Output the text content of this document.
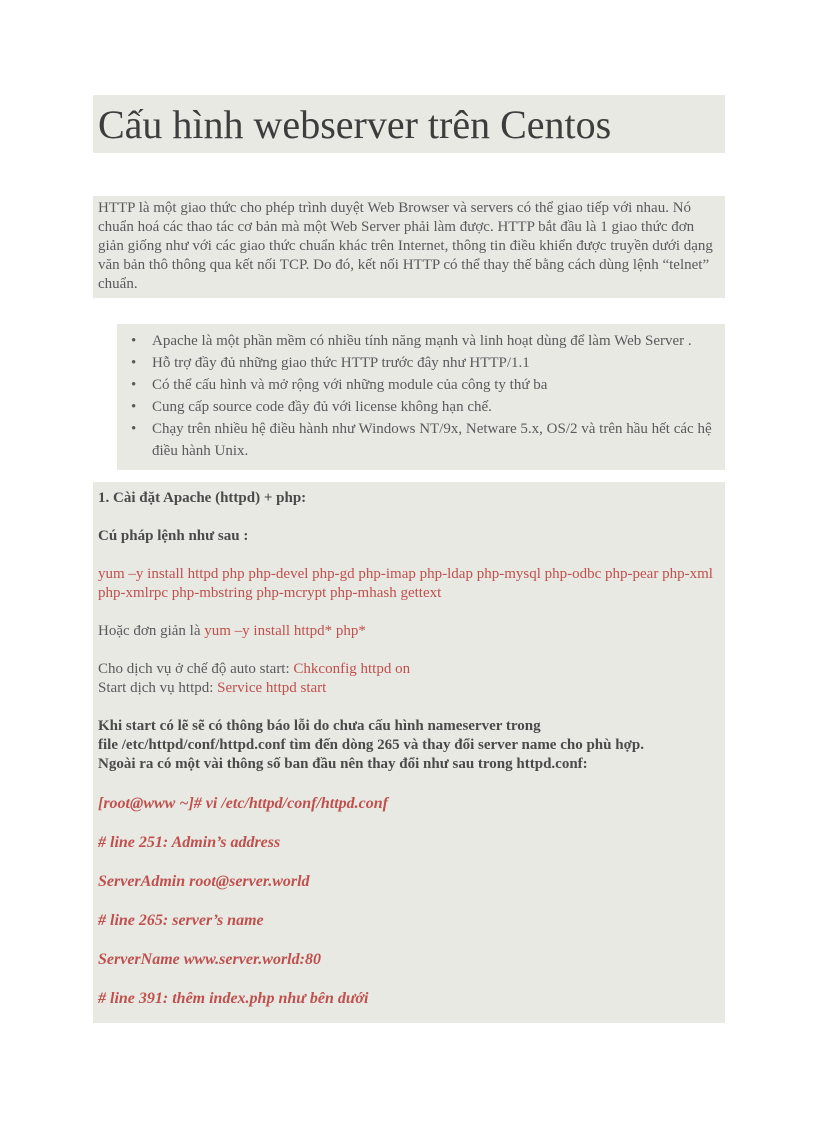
Cấu hình webserver trên Centos
HTTP là một giao thức cho phép trình duyệt Web Browser và servers có thể giao tiếp với nhau. Nó chuẩn hoá các thao tác cơ bản mà một Web Server phải làm được. HTTP bắt đầu là 1 giao thức đơn giản giống như với các giao thức chuẩn khác trên Internet, thông tin điều khiển được truyền dưới dạng văn bản thô thông qua kết nối TCP. Do đó, kết nối HTTP có thể thay thế bằng cách dùng lệnh “telnet” chuẩn.
• Apache là một phần mềm có nhiều tính năng mạnh và linh hoạt dùng để làm Web Server .
• Hỗ trợ đầy đủ những giao thức HTTP trước đây như HTTP/1.1
• Có thể cấu hình và mở rộng với những module của công ty thứ ba
• Cung cấp source code đầy đủ với license không hạn chế.
• Chạy trên nhiều hệ điều hành như Windows NT/9x, Netware 5.x, OS/2 và trên hầu hết các hệ điều hành Unix.

1. Cài đặt Apache (httpd) + php:

Cú pháp lệnh như sau :

yum –y install httpd php php-devel php-gd php-imap php-ldap php-mysql php-odbc php-pear php-xml php-xmlrpc php-mbstring php-mcrypt php-mhash gettext

Hoặc đơn giản là yum –y install httpd* php*

Cho dịch vụ ở chế độ auto start: Chkconfig httpd on
Start dịch vụ httpd: Service httpd start

Khi start có lẽ sẽ có thông báo lỗi do chưa cấu hình nameserver trong
file /etc/httpd/conf/httpd.conf tìm đến dòng 265 và thay đổi server name cho phù hợp.
Ngoài ra có một vài thông số ban đầu nên thay đổi như sau trong httpd.conf:

[root@www ~]# vi /etc/httpd/conf/httpd.conf

# line 251: Admin’s address

ServerAdmin root@server.world

# line 265: server’s name

ServerName www.server.world:80

# line 391: thêm index.php như bên dưới
